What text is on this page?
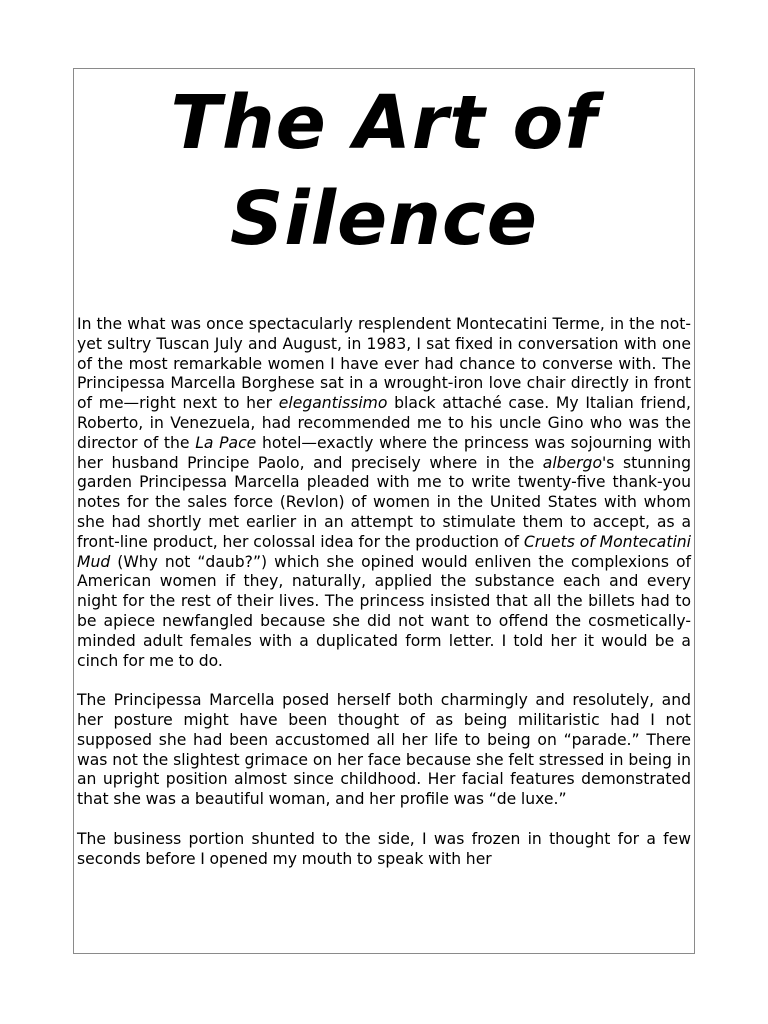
The Art of
Silence

In the what was once spectacularly resplendent Montecatini Terme, in the not-yet sultry Tuscan July and August, in 1983, I sat fixed in conversation with one of the most remarkable women I have ever had chance to converse with. The Principessa Marcella Borghese sat in a wrought-iron love chair directly in front of me—right next to her elegantissimo black attaché case. My Italian friend, Roberto, in Venezuela, had recommended me to his uncle Gino who was the director of the La Pace hotel—exactly where the princess was sojourning with her husband Principe Paolo, and precisely where in the albergo's stunning garden Principessa Marcella pleaded with me to write twenty-five thank-you notes for the sales force (Revlon) of women in the United States with whom she had shortly met earlier in an attempt to stimulate them to accept, as a front-line product, her colossal idea for the production of Cruets of Montecatini Mud (Why not “daub?”) which she opined would enliven the complexions of American women if they, naturally, applied the substance each and every night for the rest of their lives. The princess insisted that all the billets had to be apiece newfangled because she did not want to offend the cosmetically-minded adult females with a duplicated form letter. I told her it would be a cinch for me to do.

The Principessa Marcella posed herself both charmingly and resolutely, and her posture might have been thought of as being militaristic had I not supposed she had been accustomed all her life to being on “parade.” There was not the slightest grimace on her face because she felt stressed in being in an upright position almost since childhood. Her facial features demonstrated that she was a beautiful woman, and her profile was “de luxe.”

The business portion shunted to the side, I was frozen in thought for a few seconds before I opened my mouth to speak with her
